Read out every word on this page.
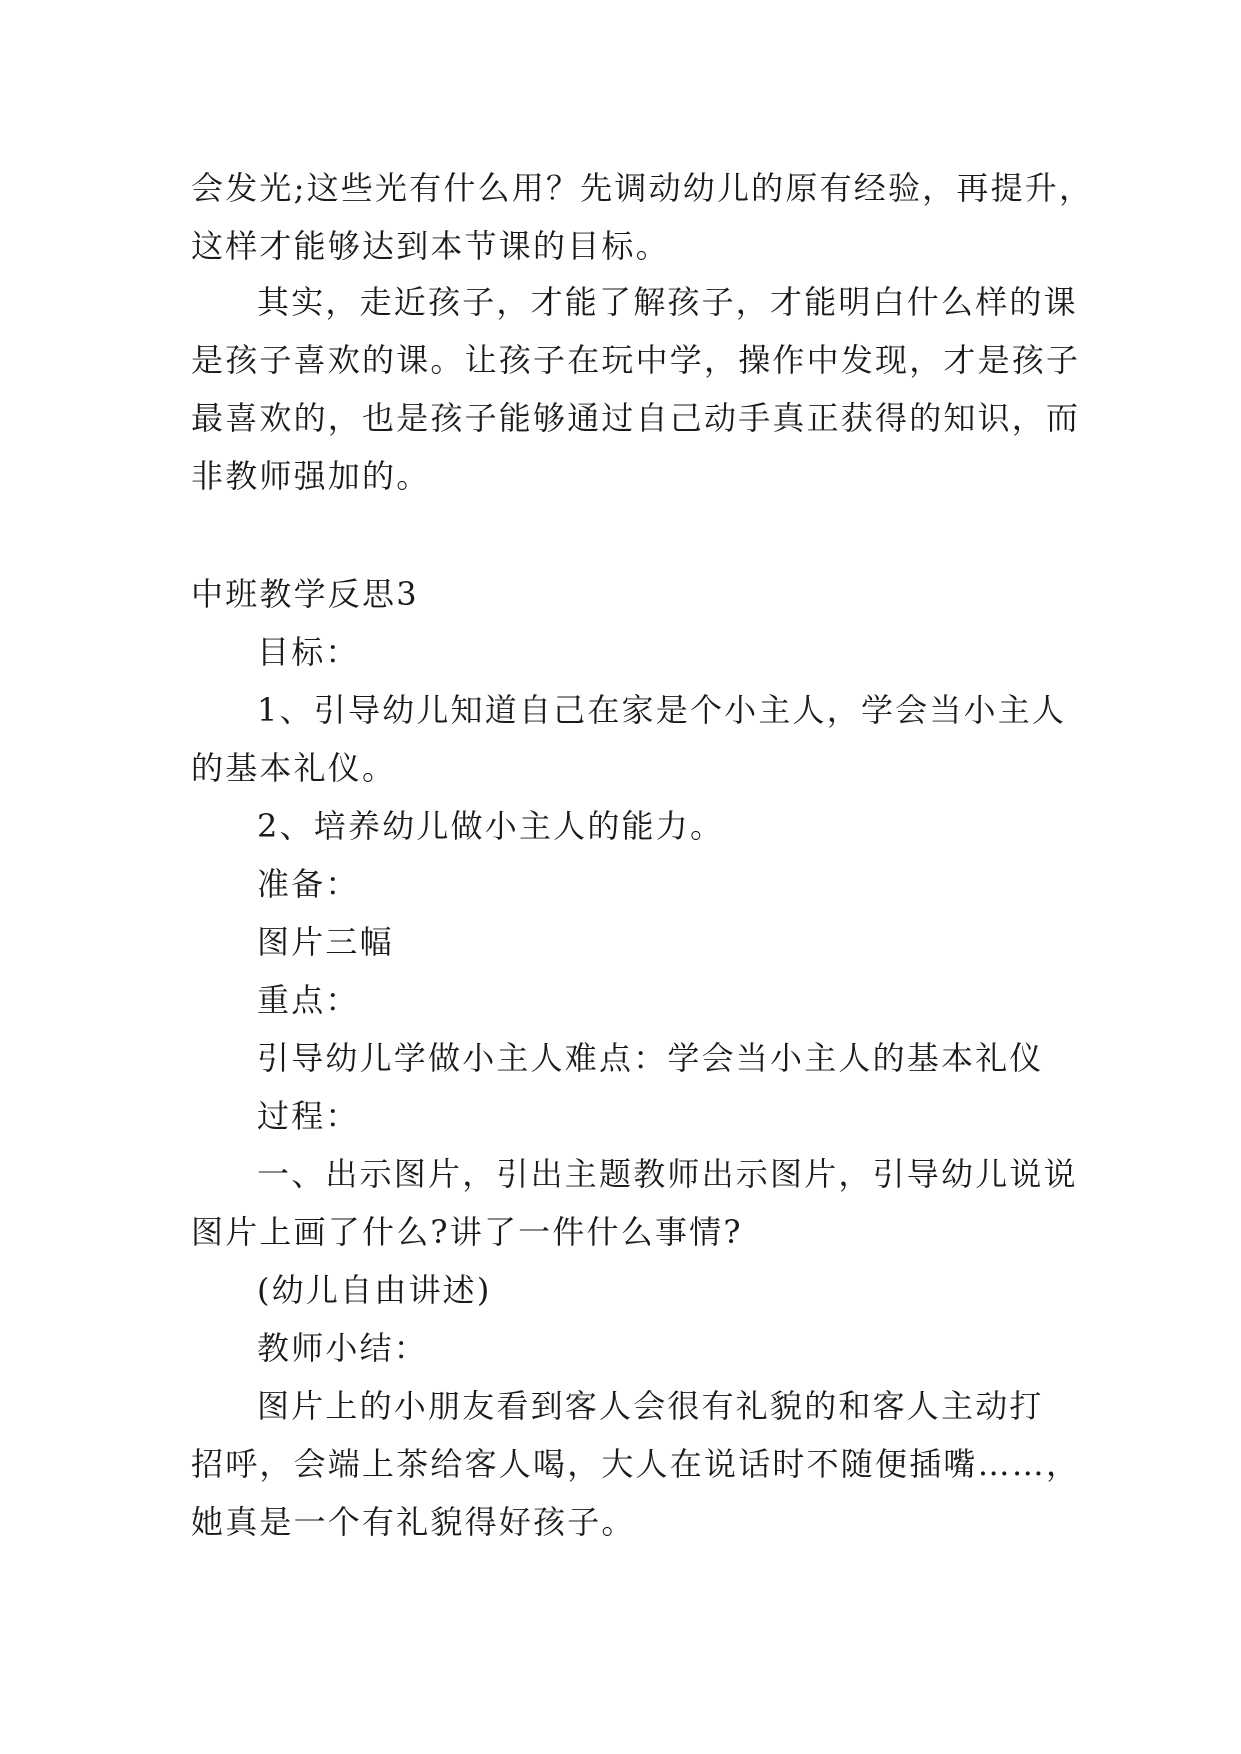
会发光;这些光有什么用？先调动幼儿的原有经验，再提升，
这样才能够达到本节课的目标。
其实，走近孩子，才能了解孩子，才能明白什么样的课
是孩子喜欢的课。让孩子在玩中学，操作中发现，才是孩子
最喜欢的，也是孩子能够通过自己动手真正获得的知识，而
非教师强加的。
中班教学反思3
目标：
1、引导幼儿知道自己在家是个小主人，学会当小主人
的基本礼仪。
2、培养幼儿做小主人的能力。
准备：
图片三幅
重点：
引导幼儿学做小主人难点：学会当小主人的基本礼仪
过程：
一、出示图片，引出主题教师出示图片，引导幼儿说说
图片上画了什么?讲了一件什么事情?
(幼儿自由讲述)
教师小结：
图片上的小朋友看到客人会很有礼貌的和客人主动打
招呼，会端上茶给客人喝，大人在说话时不随便插嘴……，
她真是一个有礼貌得好孩子。
